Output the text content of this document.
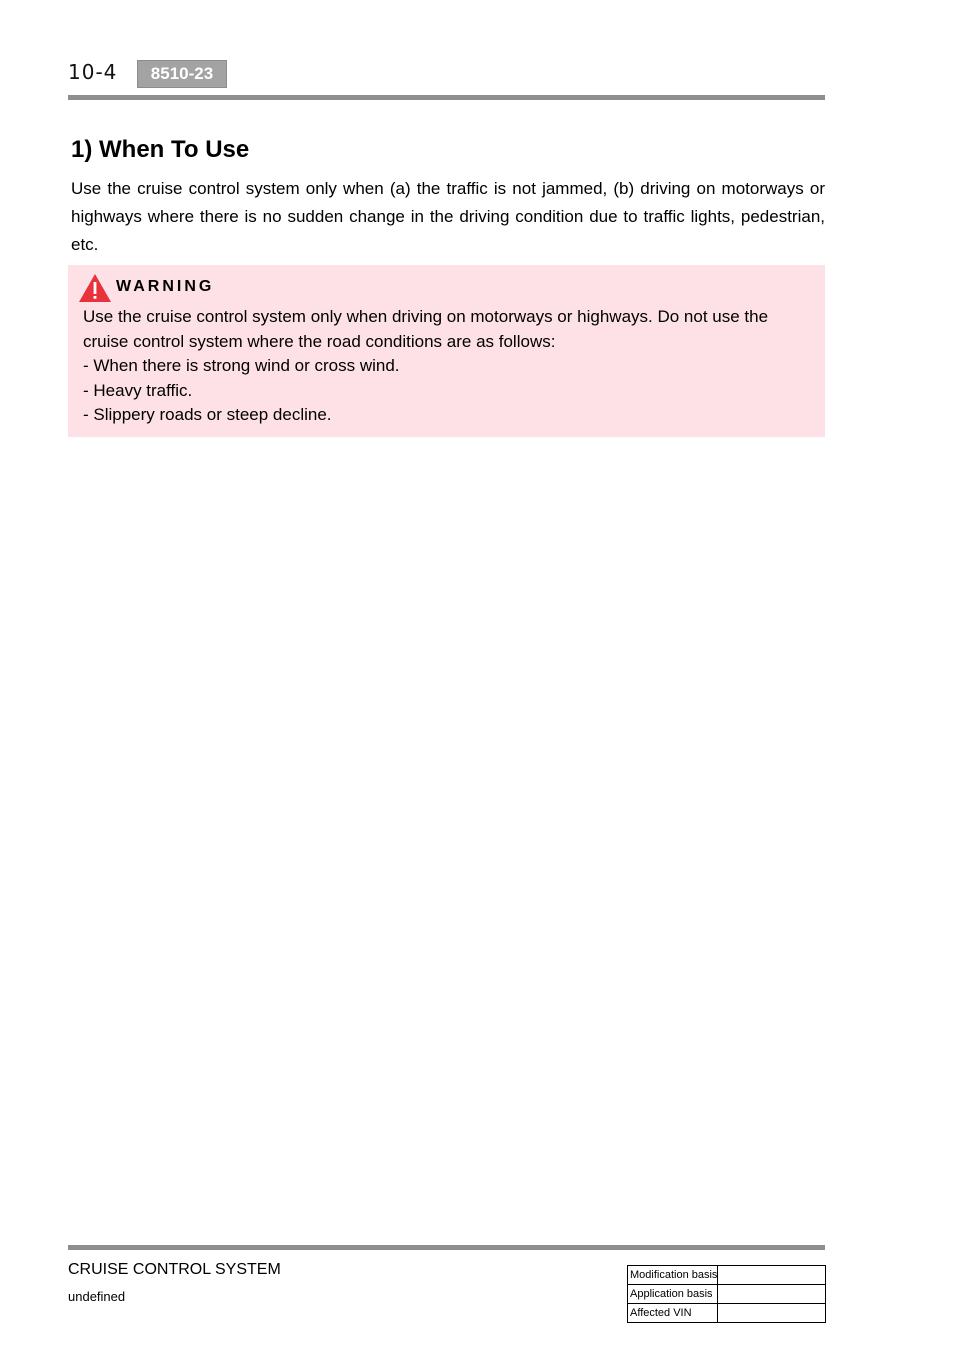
10-4	8510-23
1) When To Use

Use the cruise control system only when (a) the traffic is not jammed, (b) driving on motorways or highways where there is no sudden change in the driving condition due to traffic lights, pedestrian, etc.

WARNING

Use the cruise control system only when driving on motorways or highways. Do not use the cruise control system where the road conditions are as follows:

- When there is strong wind or cross wind.

- Heavy traffic.

- Slippery roads or steep decline.

CRUISE CONTROL SYSTEM
undefined
Modification basis	
Application basis	
Affected VIN	
